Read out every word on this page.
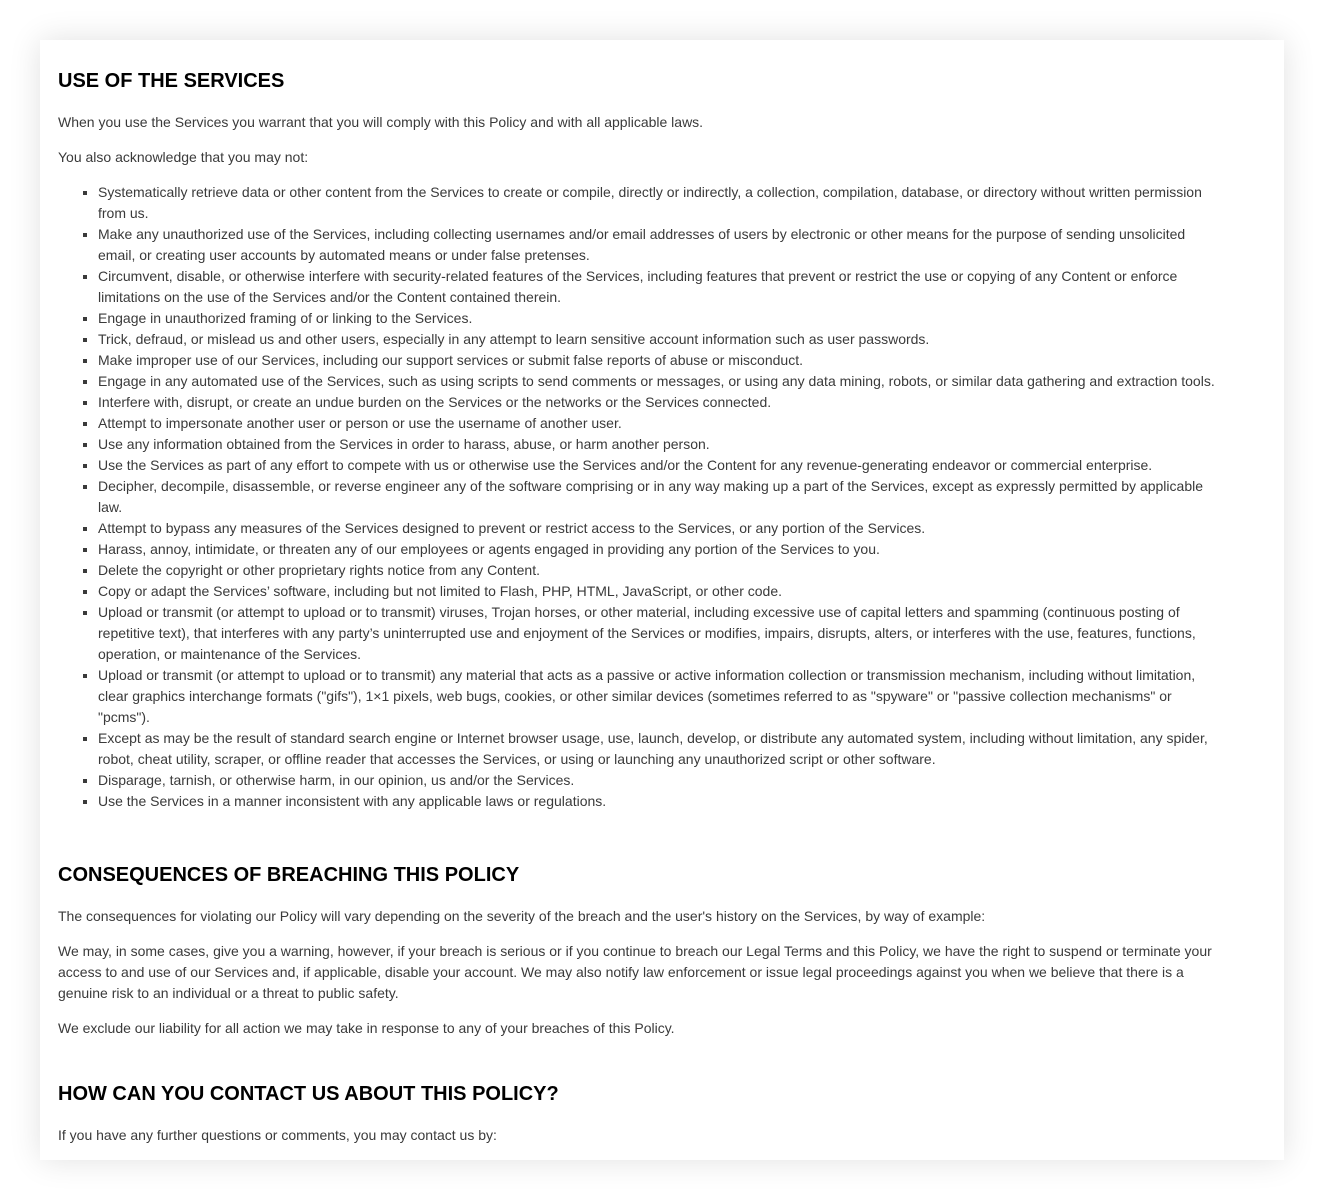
USE OF THE SERVICES

When you use the Services you warrant that you will comply with this Policy and with all applicable laws.

You also acknowledge that you may not:

▪ Systematically retrieve data or other content from the Services to create or compile, directly or indirectly, a collection, compilation, database, or directory without written permission from us.
▪ Make any unauthorized use of the Services, including collecting usernames and/or email addresses of users by electronic or other means for the purpose of sending unsolicited email, or creating user accounts by automated means or under false pretenses.
▪ Circumvent, disable, or otherwise interfere with security-related features of the Services, including features that prevent or restrict the use or copying of any Content or enforce limitations on the use of the Services and/or the Content contained therein.
▪ Engage in unauthorized framing of or linking to the Services.
▪ Trick, defraud, or mislead us and other users, especially in any attempt to learn sensitive account information such as user passwords.
▪ Make improper use of our Services, including our support services or submit false reports of abuse or misconduct.
▪ Engage in any automated use of the Services, such as using scripts to send comments or messages, or using any data mining, robots, or similar data gathering and extraction tools.
▪ Interfere with, disrupt, or create an undue burden on the Services or the networks or the Services connected.
▪ Attempt to impersonate another user or person or use the username of another user.
▪ Use any information obtained from the Services in order to harass, abuse, or harm another person.
▪ Use the Services as part of any effort to compete with us or otherwise use the Services and/or the Content for any revenue-generating endeavor or commercial enterprise.
▪ Decipher, decompile, disassemble, or reverse engineer any of the software comprising or in any way making up a part of the Services, except as expressly permitted by applicable law.
▪ Attempt to bypass any measures of the Services designed to prevent or restrict access to the Services, or any portion of the Services.
▪ Harass, annoy, intimidate, or threaten any of our employees or agents engaged in providing any portion of the Services to you.
▪ Delete the copyright or other proprietary rights notice from any Content.
▪ Copy or adapt the Services’ software, including but not limited to Flash, PHP, HTML, JavaScript, or other code.
▪ Upload or transmit (or attempt to upload or to transmit) viruses, Trojan horses, or other material, including excessive use of capital letters and spamming (continuous posting of repetitive text), that interferes with any party’s uninterrupted use and enjoyment of the Services or modifies, impairs, disrupts, alters, or interferes with the use, features, functions, operation, or maintenance of the Services.
▪ Upload or transmit (or attempt to upload or to transmit) any material that acts as a passive or active information collection or transmission mechanism, including without limitation, clear graphics interchange formats ("gifs"), 1×1 pixels, web bugs, cookies, or other similar devices (sometimes referred to as "spyware" or "passive collection mechanisms" or "pcms").
▪ Except as may be the result of standard search engine or Internet browser usage, use, launch, develop, or distribute any automated system, including without limitation, any spider, robot, cheat utility, scraper, or offline reader that accesses the Services, or using or launching any unauthorized script or other software.
▪ Disparage, tarnish, or otherwise harm, in our opinion, us and/or the Services.
▪ Use the Services in a manner inconsistent with any applicable laws or regulations.
CONSEQUENCES OF BREACHING THIS POLICY

The consequences for violating our Policy will vary depending on the severity of the breach and the user's history on the Services, by way of example:

We may, in some cases, give you a warning, however, if your breach is serious or if you continue to breach our Legal Terms and this Policy, we have the right to suspend or terminate your access to and use of our Services and, if applicable, disable your account. We may also notify law enforcement or issue legal proceedings against you when we believe that there is a genuine risk to an individual or a threat to public safety.

We exclude our liability for all action we may take in response to any of your breaches of this Policy.

HOW CAN YOU CONTACT US ABOUT THIS POLICY?

If you have any further questions or comments, you may contact us by:
